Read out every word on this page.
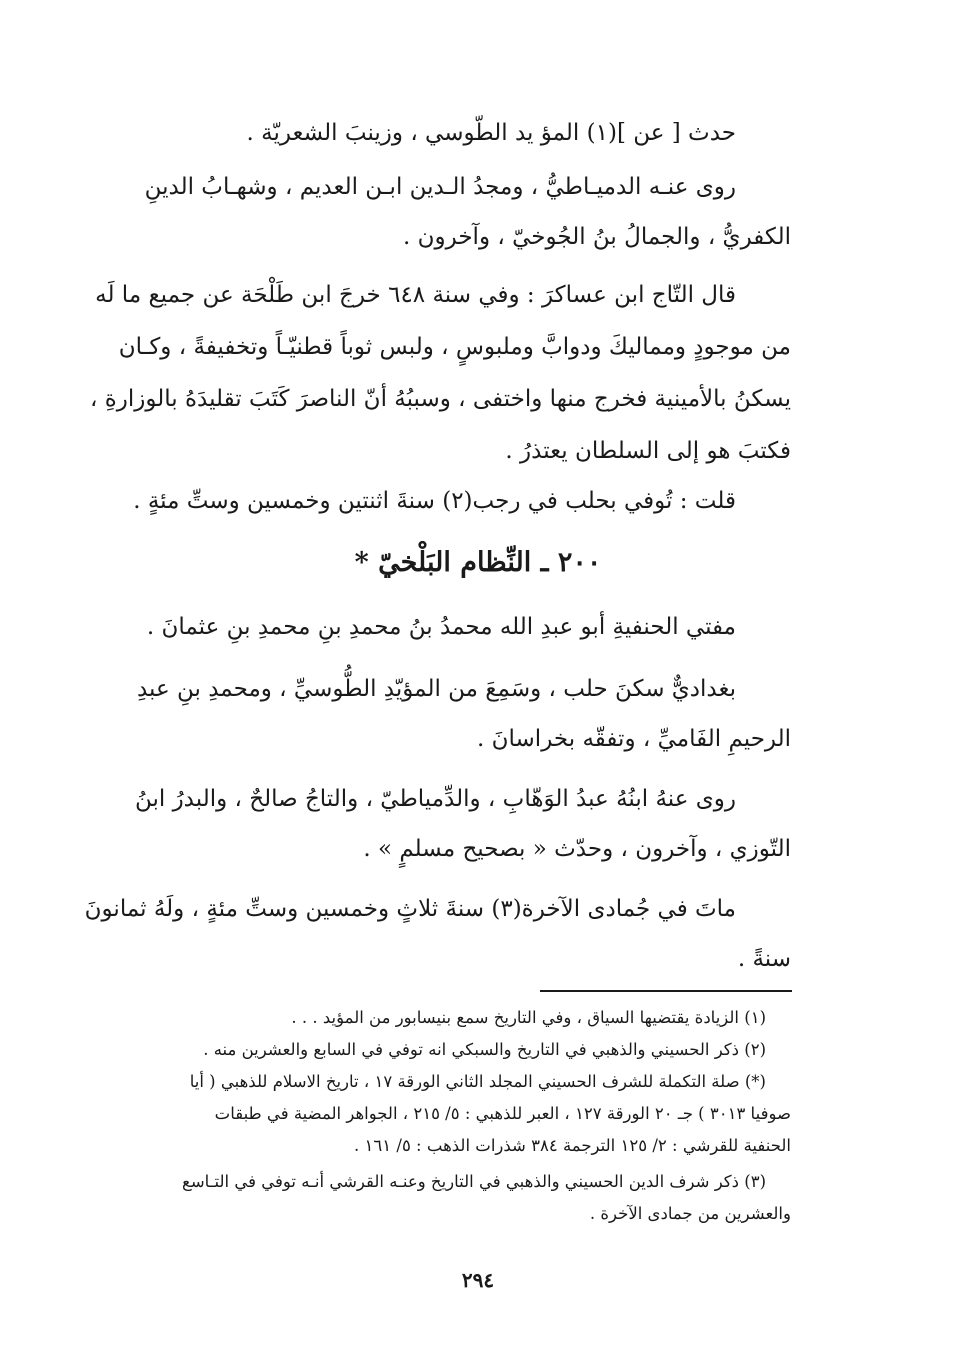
حدث [ عن ](١) المؤ يد الطّوسي ، وزينبَ الشعريّة .
روى عنـه الدميـاطيُّ ، ومجدُ الـدين ابـن العديم ، وشهـابُ الدينِ
الكفريُّ ، والجمالُ بنُ الجُوخيّ ، وآخرون .
قال التّاج ابن عساكرَ : وفي سنة ٦٤٨ خرجَ ابن طَلْحَة عن جميع ما لَه
من موجودٍ ومماليكَ ودوابَّ وملبوسٍ ، ولبس ثوباً قطنيّـاً وتخفيفةً ، وكـان
يسكنُ بالأمينية فخرج منها واختفى ، وسببُهُ أنّ الناصرَ كَتَبَ تقليدَهُ بالوزارةِ ،
فكتبَ هو إلى السلطان يعتذرُ .
قلت : تُوفي بحلب في رجب(٢) سنةَ اثنتين وخمسين وستِّ مئةٍ .
٢٠٠ ـ النِّظام البَلْخيّ *
مفتي الحنفيةِ أبو عبدِ الله محمدُ بنُ محمدِ بنِ محمدِ بنِ عثمانَ .
بغداديٌّ سكنَ حلب ، وسَمِعَ من المؤيّدِ الطُّوسيِّ ، ومحمدِ بنِ عبدِ
الرحيمِ الفَاميِّ ، وتفقّه بخراسانَ .
روى عنهُ ابنُهُ عبدُ الوَهّابِ ، والدِّمياطيّ ، والتاجُ صالحٌ ، والبدرُ ابنُ
التّوزي ، وآخرون ، وحدّث « بصحيح مسلمٍ » .
ماتَ في جُمادى الآخرة(٣) سنةَ ثلاثٍ وخمسين وستِّ مئةٍ ، ولَهُ ثمانونَ
سنةً .
(١) الزيادة يقتضيها السياق ، وفي التاريخ سمع بنيسابور من المؤيد . . .
(٢) ذكر الحسيني والذهبي في التاريخ والسبكي انه توفي في السابع والعشرين منه .
(*) صلة التكملة للشرف الحسيني المجلد الثاني الورقة ١٧ ، تاريخ الاسلام للذهبي ( أيا
صوفيا ٣٠١٣ ) جـ ٢٠ الورقة ١٢٧ ، العبر للذهبي : ٥/ ٢١٥ ، الجواهر المضية في طبقات
الحنفية للقرشي : ٢/ ١٢٥ الترجمة ٣٨٤ شذرات الذهب : ٥/ ١٦١ .
(٣) ذكر شرف الدين الحسيني والذهبي في التاريخ وعنـه القرشي أنـه توفي في التـاسع
والعشرين من جمادى الآخرة .
٢٩٤
